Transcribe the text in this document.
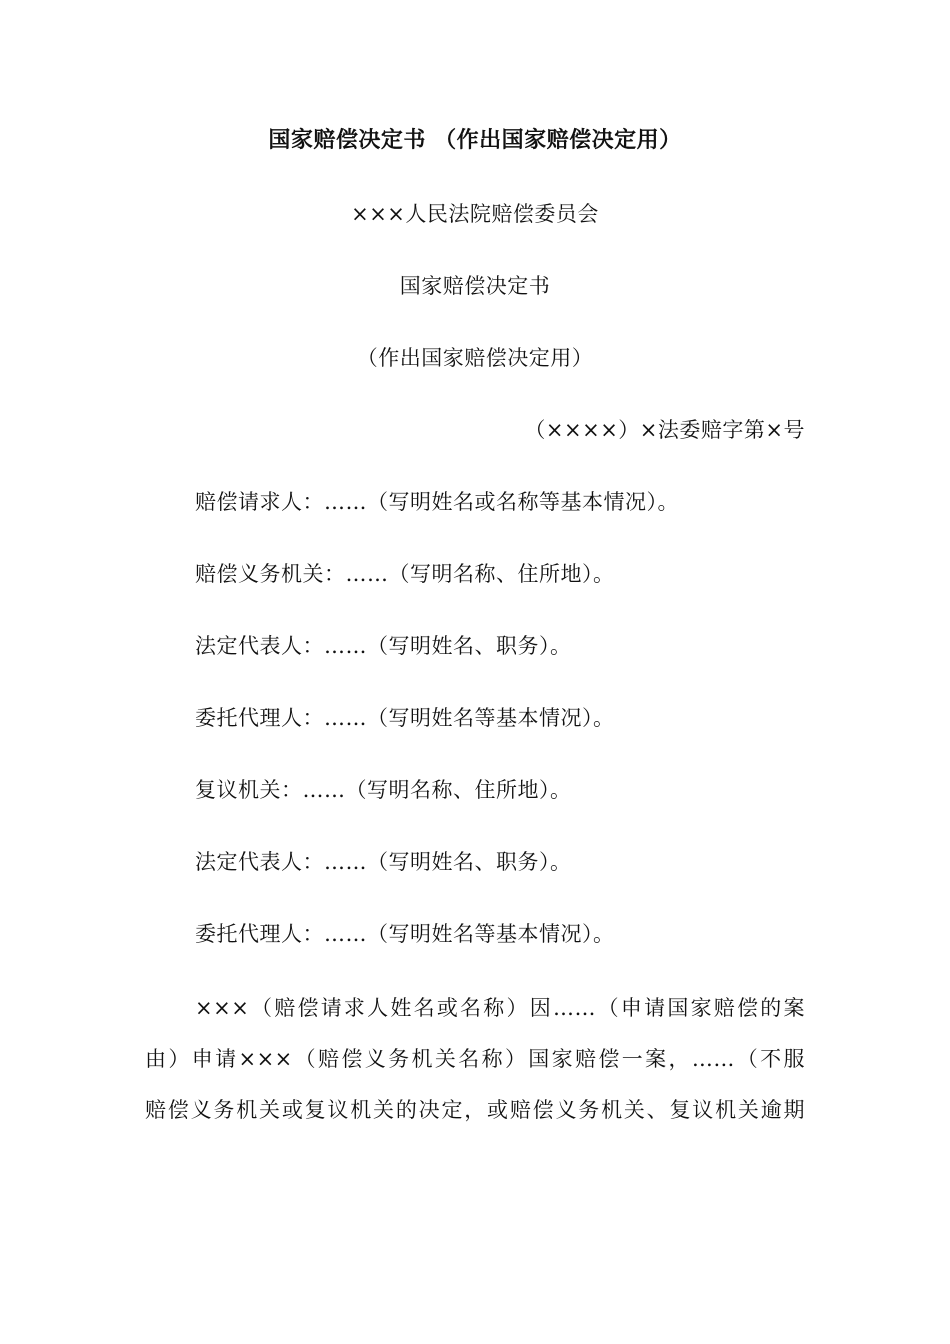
国家赔偿决定书 （作出国家赔偿决定用）
×××人民法院赔偿委员会
国家赔偿决定书
（作出国家赔偿决定用）
（××××）×法委赔字第×号
赔偿请求人：……（写明姓名或名称等基本情况）。
赔偿义务机关：……（写明名称、住所地）。
法定代表人：……（写明姓名、职务）。
委托代理人：……（写明姓名等基本情况）。
复议机关：……（写明名称、住所地）。
法定代表人：……（写明姓名、职务）。
委托代理人：……（写明姓名等基本情况）。
×××（赔偿请求人姓名或名称）因……（申请国家赔偿的案
由）申请×××（赔偿义务机关名称）国家赔偿一案，……（不服
赔偿义务机关或复议机关的决定，或赔偿义务机关、复议机关逾期
